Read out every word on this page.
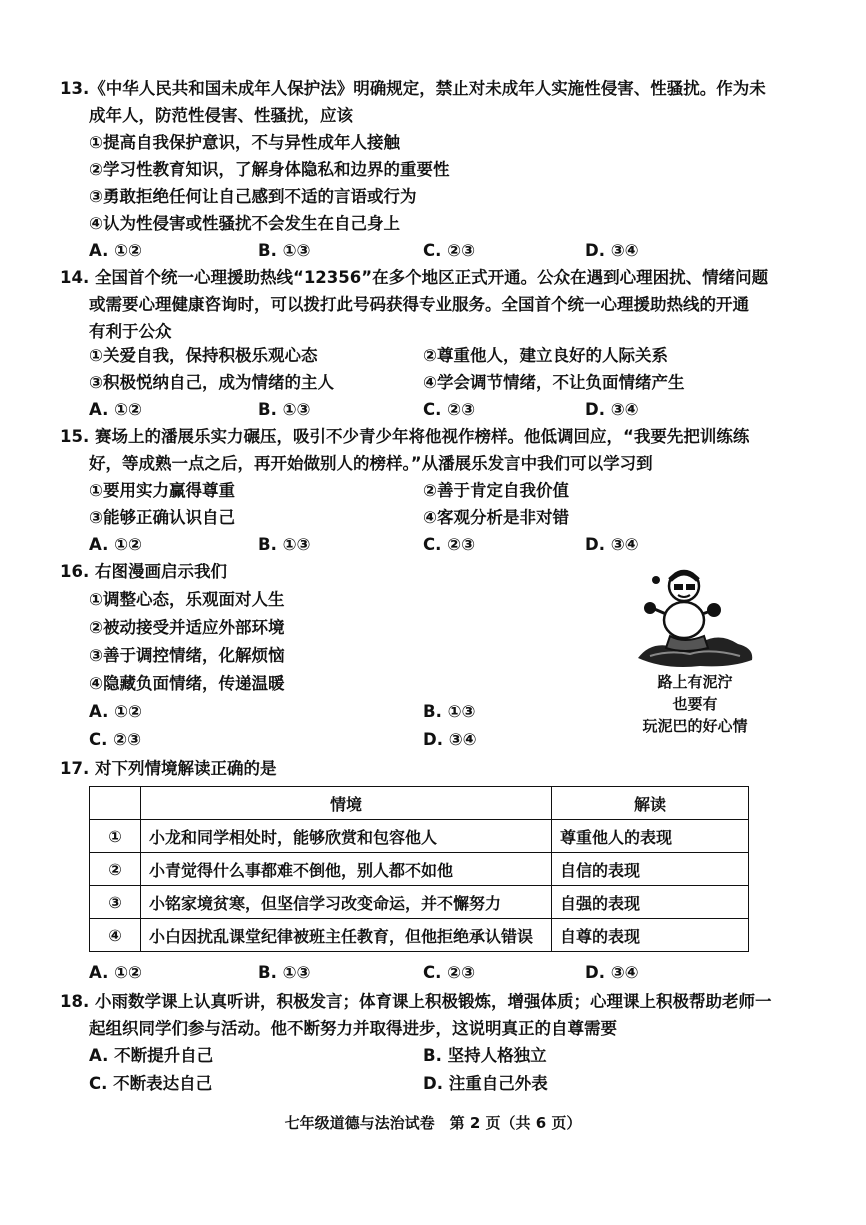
13.《中华人民共和国未成年人保护法》明确规定，禁止对未成年人实施性侵害、性骚扰。作为未
成年人，防范性侵害、性骚扰，应该
①提高自我保护意识，不与异性成年人接触
②学习性教育知识，了解身体隐私和边界的重要性
③勇敢拒绝任何让自己感到不适的言语或行为
④认为性侵害或性骚扰不会发生在自己身上
A. ①②	B. ①③	C. ②③	D. ③④
14. 全国首个统一心理援助热线“12356”在多个地区正式开通。公众在遇到心理困扰、情绪问题
或需要心理健康咨询时，可以拨打此号码获得专业服务。全国首个统一心理援助热线的开通
有利于公众
①关爱自我，保持积极乐观心态	②尊重他人，建立良好的人际关系
③积极悦纳自己，成为情绪的主人	④学会调节情绪，不让负面情绪产生
A. ①②	B. ①③	C. ②③	D. ③④
15. 赛场上的潘展乐实力碾压，吸引不少青少年将他视作榜样。他低调回应，“我要先把训练练
好，等成熟一点之后，再开始做别人的榜样。”从潘展乐发言中我们可以学习到
①要用实力赢得尊重	②善于肯定自我价值
③能够正确认识自己	④客观分析是非对错
A. ①②	B. ①③	C. ②③	D. ③④
16. 右图漫画启示我们
①调整心态，乐观面对人生
②被动接受并适应外部环境
③善于调控情绪，化解烦恼
④隐藏负面情绪，传递温暖
A. ①②	B. ①③
C. ②③	D. ③④
路上有泥泞
也要有
玩泥巴的好心情
17. 对下列情境解读正确的是
	情境	解读
①	小龙和同学相处时，能够欣赏和包容他人	尊重他人的表现
②	小青觉得什么事都难不倒他，别人都不如他	自信的表现
③	小铭家境贫寒，但坚信学习改变命运，并不懈努力	自强的表现
④	小白因扰乱课堂纪律被班主任教育，但他拒绝承认错误	自尊的表现
A. ①②	B. ①③	C. ②③	D. ③④
18. 小雨数学课上认真听讲，积极发言；体育课上积极锻炼，增强体质；心理课上积极帮助老师一
起组织同学们参与活动。他不断努力并取得进步，这说明真正的自尊需要
A. 不断提升自己	B. 坚持人格独立
C. 不断表达自己	D. 注重自己外表
七年级道德与法治试卷　第 2 页（共 6 页）
